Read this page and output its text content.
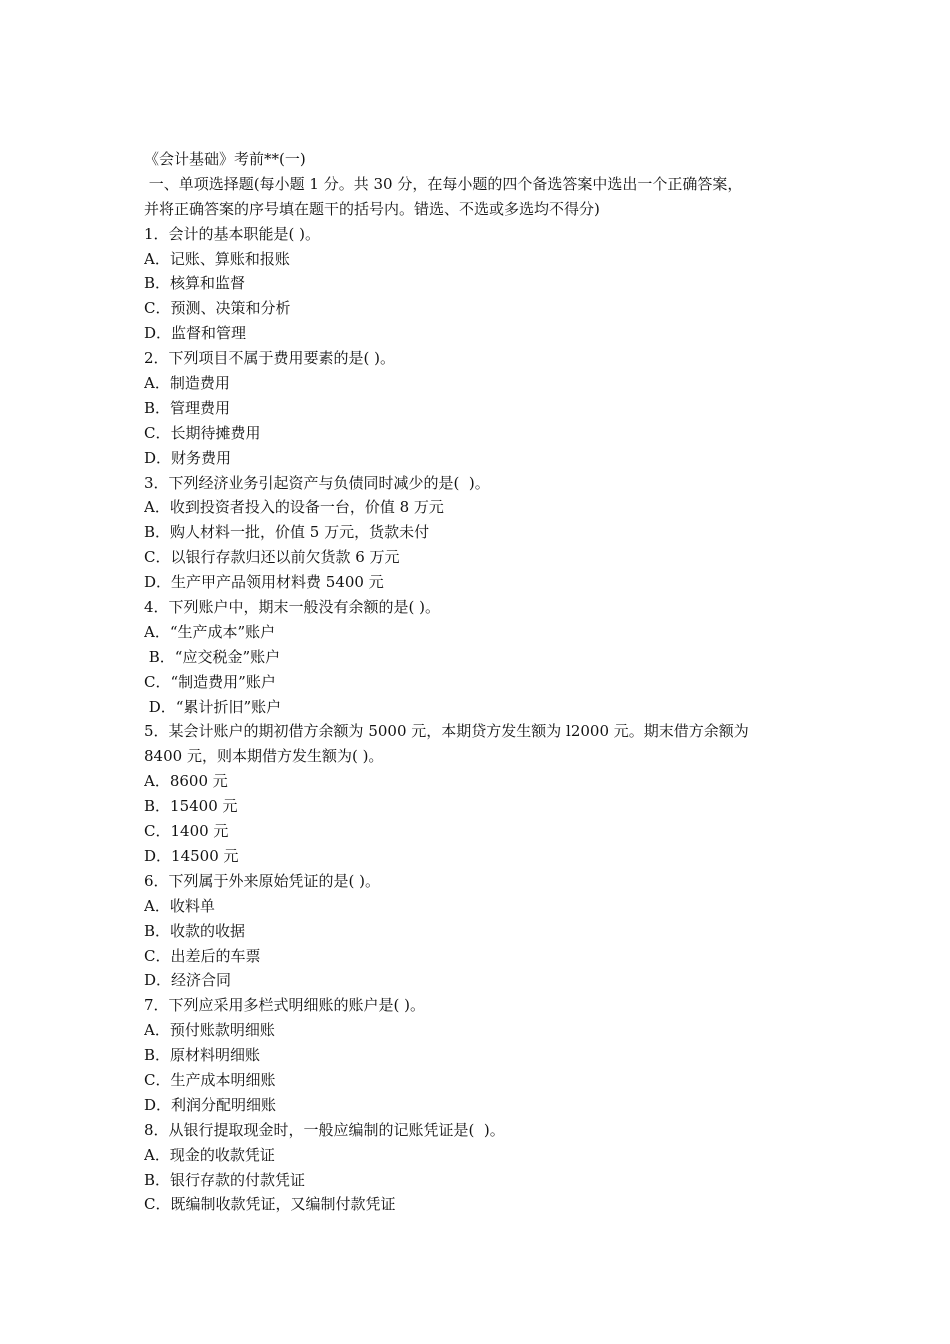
《会计基础》考前**(一)
一、单项选择题(每小题 1 分。共 30 分，在每小题的四个备选答案中选出一个正确答案，
并将正确答案的序号填在题干的括号内。错选、不选或多选均不得分)
1．会计的基本职能是( )。
A．记账、算账和报账
B．核算和监督
C．预测、决策和分析
D．监督和管理
2．下列项目不属于费用要素的是( )。
A．制造费用
B．管理费用
C．长期待摊费用
D．财务费用
3．下列经济业务引起资产与负债同时减少的是(  )。
A．收到投资者投入的设备一台，价值 8 万元
B．购人材料一批，价值 5 万元，货款未付
C．以银行存款归还以前欠货款 6 万元
D．生产甲产品领用材料费 5400 元
4．下列账户中，期末一般没有余额的是( )。
A．“生产成本”账户
B．“应交税金”账户
C．“制造费用”账户
D．“累计折旧”账户
5．某会计账户的期初借方余额为 5000 元，本期贷方发生额为 l2000 元。期末借方余额为
8400 元，则本期借方发生额为( )。
A．8600 元
B．15400 元
C．1400 元
D．14500 元
6．下列属于外来原始凭证的是( )。
A．收料单
B．收款的收据
C．出差后的车票
D．经济合同
7．下列应采用多栏式明细账的账户是( )。
A．预付账款明细账
B．原材料明细账
C．生产成本明细账
D．利润分配明细账
8．从银行提取现金时，一般应编制的记账凭证是(  )。
A．现金的收款凭证
B．银行存款的付款凭证
C．既编制收款凭证，又编制付款凭证
